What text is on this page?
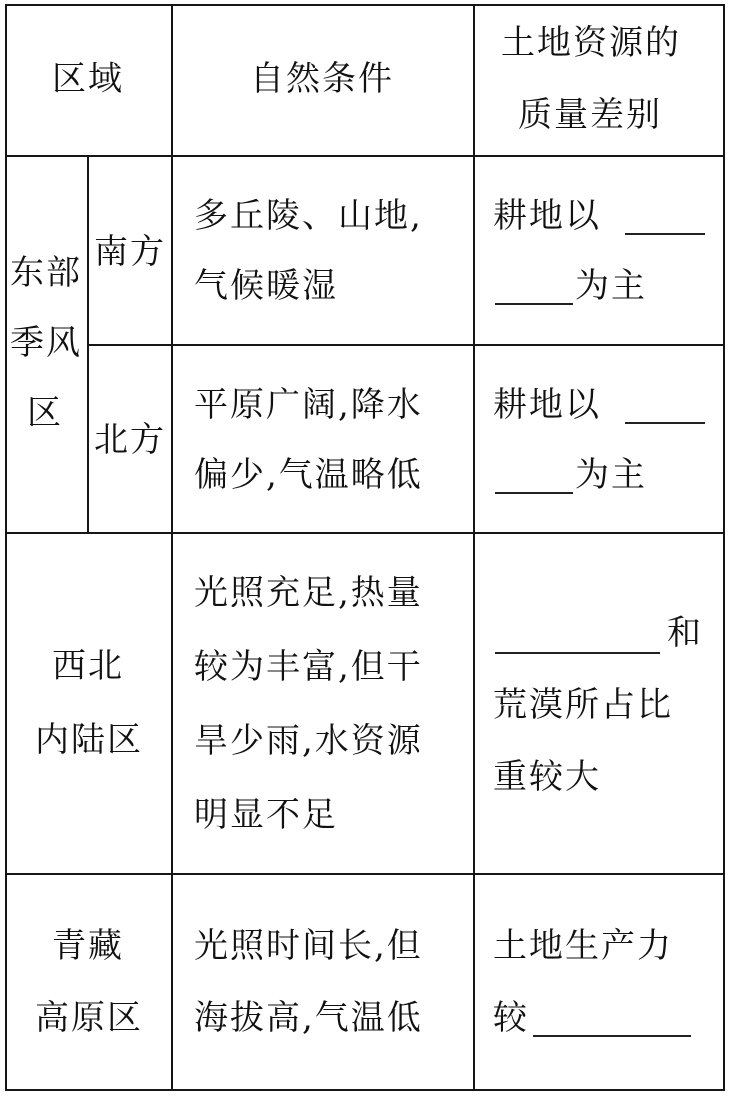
区域	自然条件
土地资源的
质量差别
东部
季风
区
南方
多丘陵、山地,
气候暖湿
耕地以
为主
北方
平原广阔,降水
偏少,气温略低
耕地以
为主
西北
内陆区
光照充足,热量
较为丰富,但干
旱少雨,水资源
明显不足
和
荒漠所占比
重较大
青藏
高原区
光照时间长,但
海拔高,气温低
土地生产力
较
